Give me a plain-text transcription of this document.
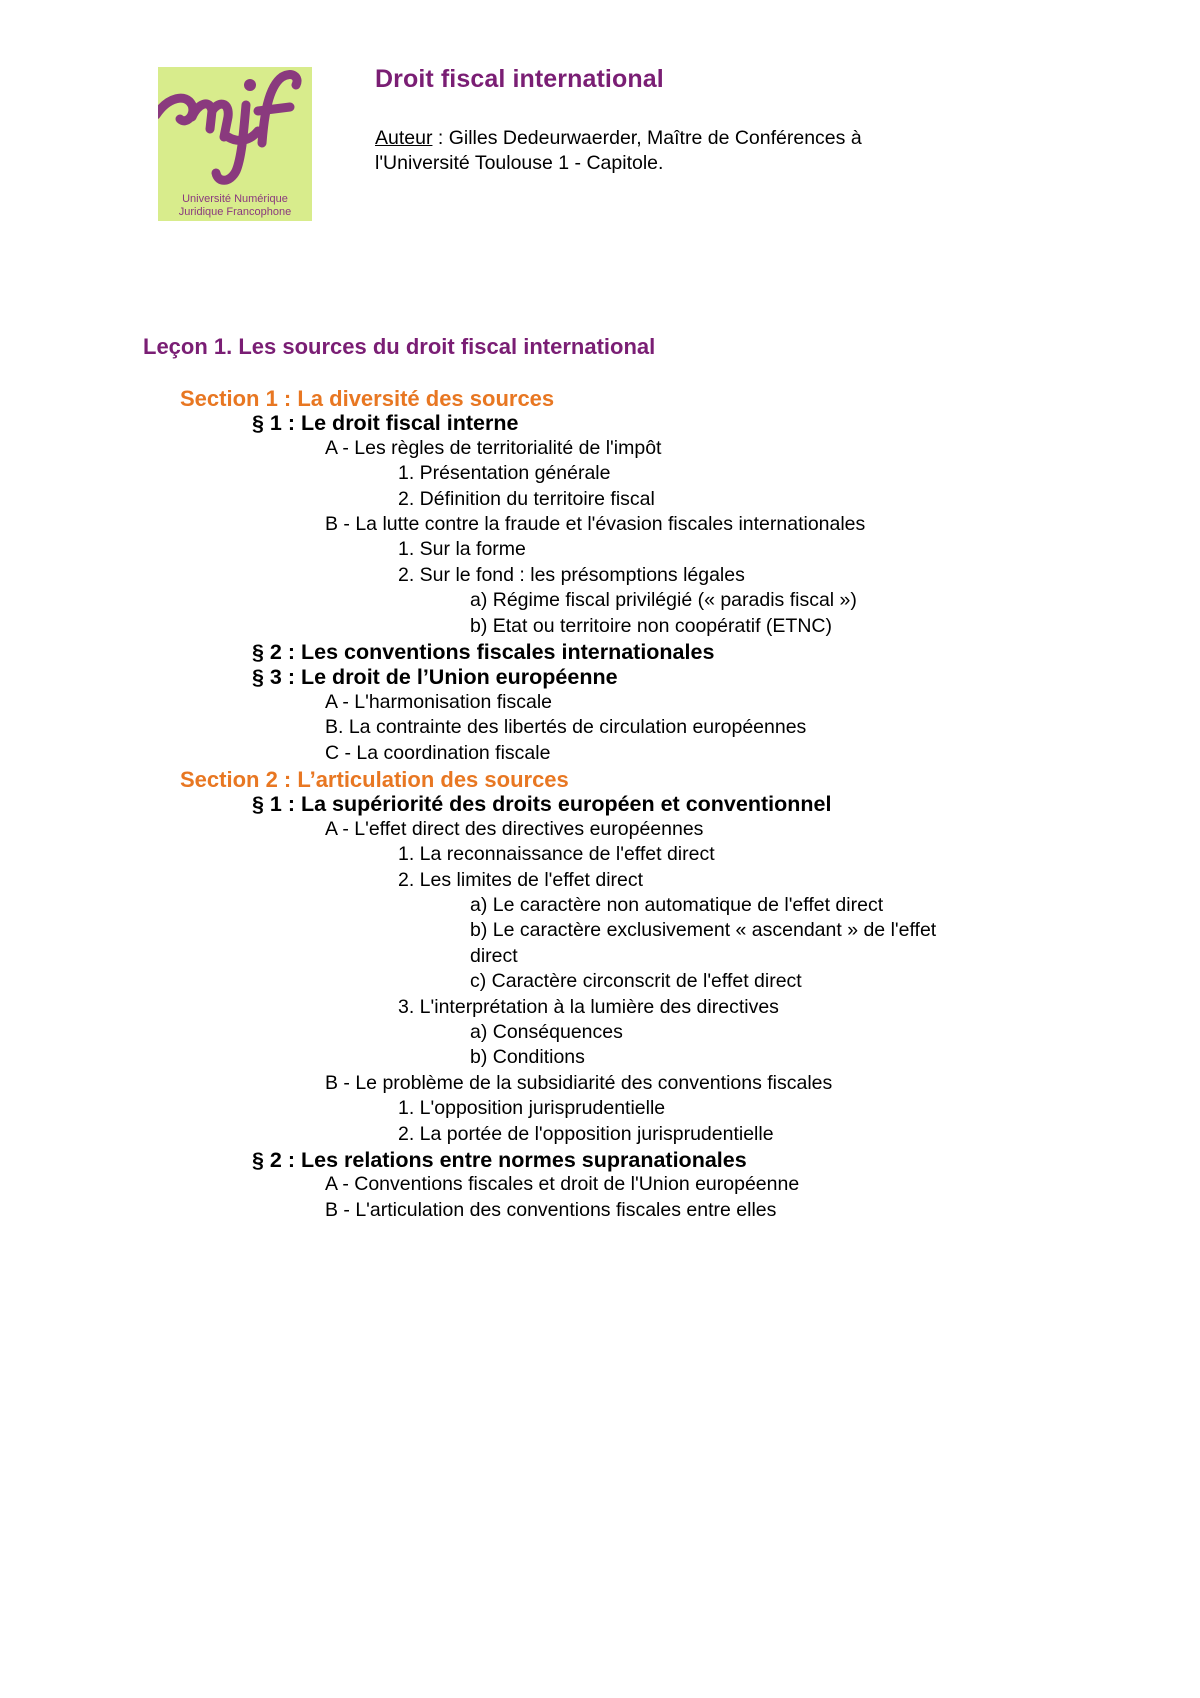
Université Numérique
Juridique Francophone
Droit fiscal international
Auteur : Gilles Dedeurwaerder, Maître de Conférences à
l'Université Toulouse 1 - Capitole.
Leçon 1. Les sources du droit fiscal international
Section 1 : La diversité des sources
§ 1 : Le droit fiscal interne
A - Les règles de territorialité de l'impôt
1. Présentation générale
2. Définition du territoire fiscal
B - La lutte contre la fraude et l'évasion fiscales internationales
1. Sur la forme
2. Sur le fond : les présomptions légales
a) Régime fiscal privilégié (« paradis fiscal »)
b) Etat ou territoire non coopératif (ETNC)
§ 2 : Les conventions fiscales internationales
§ 3 : Le droit de l’Union européenne
A - L'harmonisation fiscale
B. La contrainte des libertés de circulation européennes
C - La coordination fiscale
Section 2 : L’articulation des sources
§ 1 : La supériorité des droits européen et conventionnel
A - L'effet direct des directives européennes
1. La reconnaissance de l'effet direct
2. Les limites de l'effet direct
a) Le caractère non automatique de l'effet direct
b) Le caractère exclusivement « ascendant » de l'effet
direct
c) Caractère circonscrit de l'effet direct
3. L'interprétation à la lumière des directives
a) Conséquences
b) Conditions
B - Le problème de la subsidiarité des conventions fiscales
1. L'opposition jurisprudentielle
2. La portée de l'opposition jurisprudentielle
§ 2 : Les relations entre normes supranationales
A - Conventions fiscales et droit de l'Union européenne
B - L'articulation des conventions fiscales entre elles
